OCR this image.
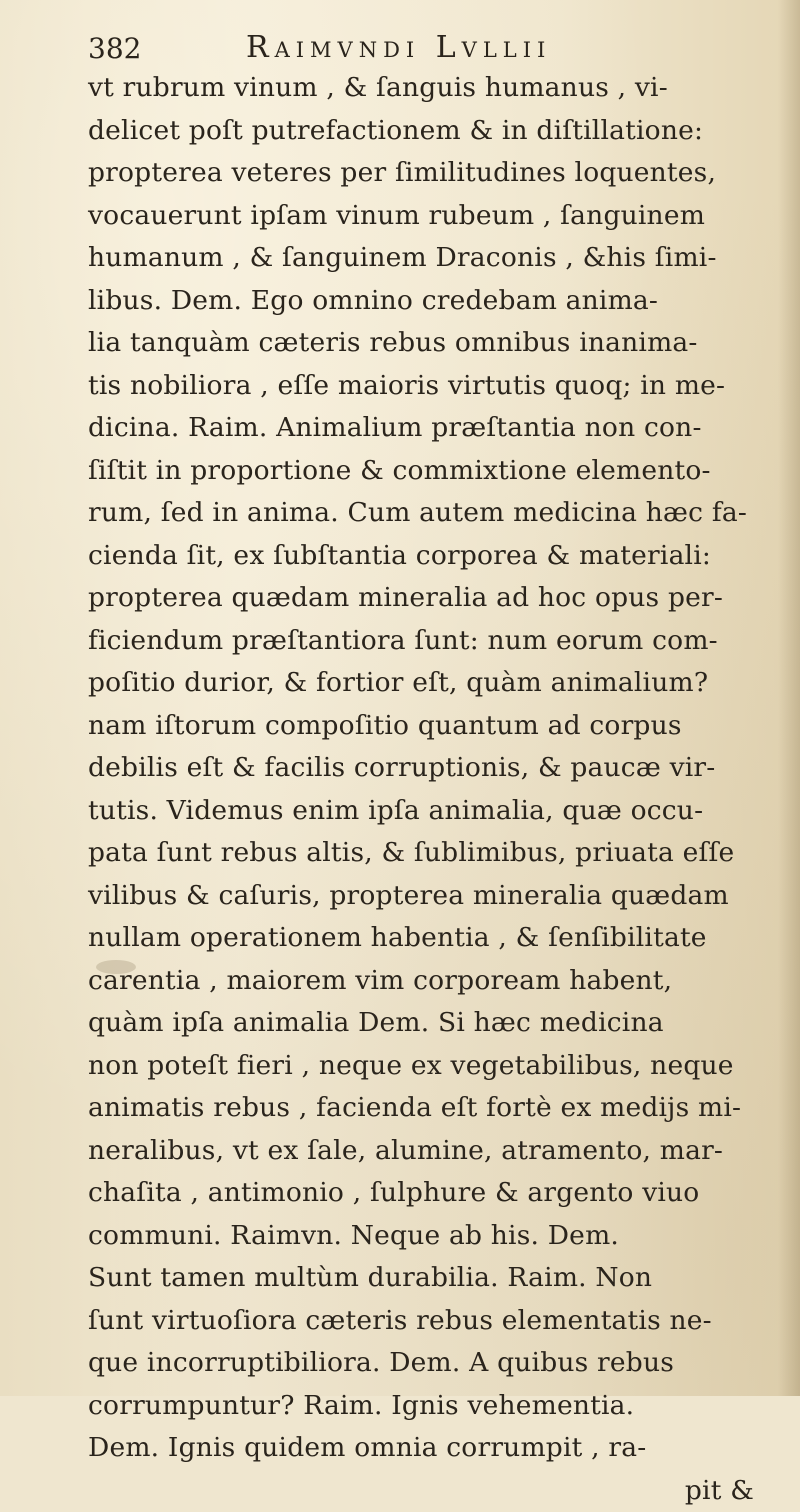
382	Raimvndi Lvllii
vt rubrum vinum , & ſanguis humanus , vi-
delicet poſt putrefactionem & in diſtillatione:
propterea veteres per ſimilitudines loquentes,
vocauerunt ipſam vinum rubeum , ſanguinem
humanum , & ſanguinem Draconis , &his ſimi-
libus. Dem. Ego omnino credebam anima-
lia tanquàm cæteris rebus omnibus inanima-
tis nobiliora , eſſe maioris virtutis quoq; in me-
dicina. Raim. Animalium præſtantia non con-
ſiſtit in proportione & commixtione elemento-
rum, ſed in anima. Cum autem medicina hæc fa-
cienda ſit, ex ſubſtantia corporea & materiali:
propterea quædam mineralia ad hoc opus per-
ficiendum præſtantiora ſunt: num eorum com-
poſitio durior, & fortior eſt, quàm animalium?
nam iſtorum compoſitio quantum ad corpus
debilis eſt & facilis corruptionis, & paucæ vir-
tutis. Videmus enim ipſa animalia, quæ occu-
pata ſunt rebus altis, & ſublimibus, priuata eſſe
vilibus & caſuris, propterea mineralia quædam
nullam operationem habentia , & ſenſibilitate
carentia , maiorem vim corpoream habent,
quàm ipſa animalia Dem. Si hæc medicina
non poteſt fieri , neque ex vegetabilibus, neque
animatis rebus , facienda eſt fortè ex medijs mi-
neralibus, vt ex ſale, alumine, atramento, mar-
chaſita , antimonio , ſulphure & argento viuo
communi. Raimvn. Neque ab his. Dem.
Sunt tamen multùm durabilia. Raim. Non
ſunt virtuoſiora cæteris rebus elementatis ne-
que incorruptibiliora. Dem. A quibus rebus
corrumpuntur? Raim. Ignis vehementia.
Dem. Ignis quidem omnia corrumpit , ra-
pit &
